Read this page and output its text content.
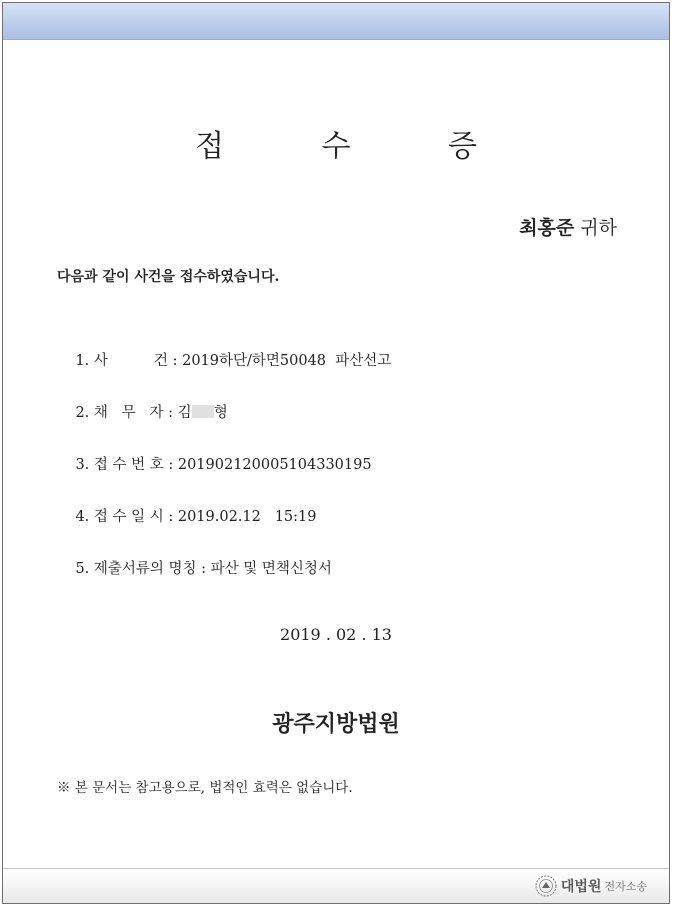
접 수 증
최홍준 귀하
다음과 같이 사건을 접수하였습니다.

1. 사          건 : 2019하단/하면50048  파산선고

2. 채   무   자 : 김 형

3. 접 수 번 호 : 201902120005104330195

4. 접 수 일 시 : 2019.02.12   15:19

5. 제출서류의 명칭 : 파산 및 면책신청서

2019 . 02 . 13
광주지방법원
※ 본 문서는 참고용으로, 법적인 효력은 없습니다.
대법원 전자소송
